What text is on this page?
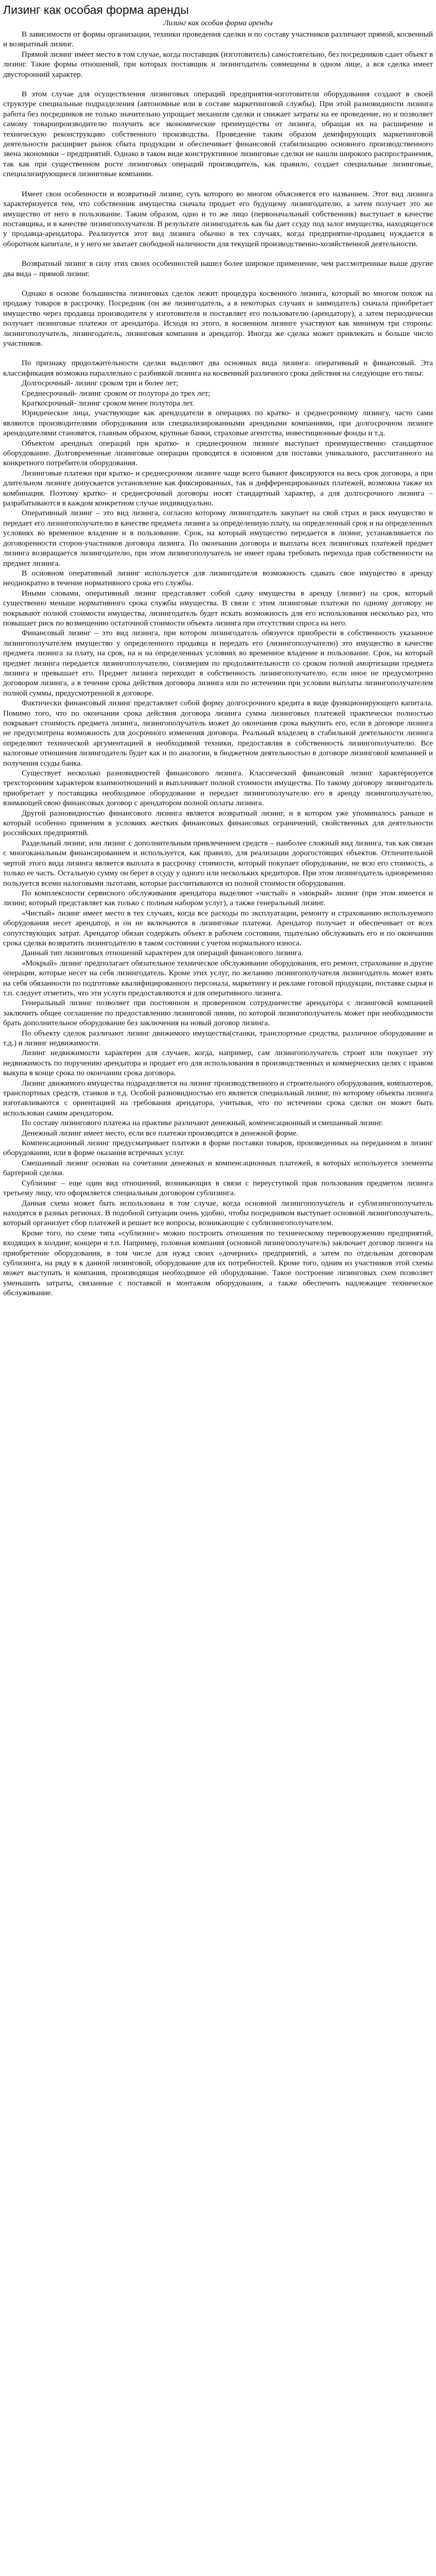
Лизинг как особая форма аренды
Лизинг как особая форма аренды

В зависимости от формы организации, техники проведения сделки и по составу участников различают прямой, косвенный и возвратный лизинг.

Прямой лизинг имеет место в том случае, когда поставщик (изготовитель) самостоятельно, без посредников сдает объект в лизинг. Такие формы отношений, при которых поставщик и лизингодатель совмещены в одном лице, а вся сделка имеет двусторонний характер.

В этом случае для осуществления лизинговых операций предприятия-изготовители оборудования создают в своей структуре специальные подразделения (автономные или в составе маркетинговой службы). При этой разновидности лизинга работа без посредников не только значительно упрощает механизм сделки и снижает затраты на ее проведение, но и позволяет самому товаропроизводителю получить все экономические преимущества от лизинга, обращая их на расширение и техническую реконструкцию собственного производства. Проведение таким образом демпфирующих маркетинговой деятельности расширяет рынок сбыта продукции и обеспечивает финансовой стабилизацию основного производственного звена экономики – предприятий. Однако в таком виде конструктивное лизинговые сделки не нашли широкого распространения, так как при существенном росте лизинговых операций производитель, как правило, создает специальные лизинговые, специализирующиеся лизинговые компании.

Имеет свои особенности и возвратный лизинг, суть которого во многом объясняется его названием. Этот вид лизинга характеризуется тем, что собственник имущества сначала продает его будущему лизингодателю, а затем получает это же имущество от него в пользование. Таким образом, одно и то же лицо (первоначальный собственник) выступает в качестве поставщика, и в качестве лизингополучателя. В результате лизингодатель как бы дает ссуду под залог имущества, находящегося у продавца-арендатора. Реализуется этот вид лизинга обычно в тех случаях, когда предприятие-продавец нуждается в оборотном капитале, и у него не хватает свободной наличности для текущей производственно-хозяйственной деятельности.

Возвратный лизинг в силу этих своих особенностей нашел более широкое применение, чем рассмотренные выше другие два вида – прямой лизинг.

Однако в основе большинства лизинговых сделок лежит процедура косвенного лизинга, который во многом похож на продажу товаров в рассрочку. Посредник (он же лизингодатель, а в некоторых случаях и заимодатель) сначала приобретает имущество через продавца производителя у изготовителя и поставляет его пользователю (арендатору), а затем периодически получает лизинговые платежи от арендатора. Исходя из этого, в косвенном лизинге участвуют как минимум три стороны: лизингополучатель, лизингодатель, лизинговая компания и арендатор. Иногда же сделка может привлекать и больше число участников.

По признаку продолжительности сделки выделяют два основных вида лизинга: оперативный и финансовый. Эта классификация возможна параллельно с разбивкой лизинга на косвенный различного срока действия на следующие его типы:

Долгосрочный- лизинг сроком три и более лет;

Среднесрочный- лизинг сроком от полутора до трех лет;

Краткосрочный- лизинг сроком менее полутора лет.

Юридические лица, участвующие как арендодатели в операциях по кратко- и среднесрочному лизингу, часто сами являются производителями оборудования или специализированными арендными компаниями, при долгосрочном лизинге арендодателями становятся, главным образом, крупные банки, страховые агентства, инвестиционные фонды и т.д.

Объектом арендных операций при кратко- и среднесрочном лизинге выступает преимущественно стандартное оборудование. Долговременные лизинговые операции проводятся в основном для поставки уникального, рассчитанного на конкретного потребителя оборудования.

Лизинговые платежи при кратко- и среднесрочном лизинге чаще всего бывают фиксируются на весь срок договора, а при длительном лизинге допускается установление как фиксированных, так и дифференцированных платежей, возможна также их комбинация. Поэтому кратко- и среднесрочный договоры носят стандартный характер, а для долгосрочного лизинга – разрабатываются в каждом конкретном случае индивидуально.

Оперативный лизинг – это вид лизинга, согласно которому лизингодатель закупает на свой страх и риск имущество и передает его лизингополучателю в качестве предмета лизинга за определенную плату, на определенный срок и на определенных условиях во временное владение и в пользование. Срок, на который имущество передается в лизинг, устанавливается по договоренности сторон-участников договора лизинга. По окончании договора и выплаты всех лизинговых платежей предмет лизинга возвращается лизингодателю, при этом лизингополучатель не имеет права требовать перехода прав собственности на предмет лизинга.

В основном оперативный лизинг используется для лизингодателя возможность сдавать свое имущество в аренду неоднократно в течение нормативного срока его службы.

Иными словами, оперативный лизинг представляет собой сдачу имущества в аренду (лизинг) на срок, который существенно меньше нормативного срока службы имущества. В связи с этим лизинговые платежи по одному договору не покрывают полной стоимости имущества, лизингодатель будет искать возможность для его использования несколько раз, что повышает риск по возмещению остаточной стоимости объекта лизинга при отсутствии спроса на него.

Финансовый лизинг – это вид лизинга, при котором лизингодатель обязуется приобрести в собственность указанное лизингополучателем имущество у определенного продавца и передать его (лизингополучателю) это имущество в качестве предмета лизинга за плату, на срок, на и на определенных условиях во временное владение и пользование. Срок, на который предмет лизинга передается лизингополучателю, соизмерим по продолжительности со сроком полной амортизации предмета лизинга и превышает его. Предмет лизинга переходит в собственность лизингополучателю, если иное не предусмотрено договором лизинга, а в течение срока действия договора лизинга или по истечении при условии выплаты лизингополучателем полной суммы, предусмотренной в договоре.

Фактически финансовый лизинг представляет собой форму долгосрочного кредита в виде функционирующего капитала. Помимо того, что по окончании срока действия договора лизинга сумма лизинговых платежей практически полностью покрывает стоимость предмета лизинга, лизингополучатель может до окончания срока выкупить его, если в договоре лизинга не предусмотрена возможность для досрочного изменения договора. Реальный владелец в стабильной деятельности лизинга определяют технической аргументацией в необходимой техники, предоставляя в собственность лизингополучателю. Все налоговые отношения лизингодатель будет как и по аналогии, в бюджетном деятельностью в договоре лизинговой компанией и получения ссуды банка.

Существует несколько разновидностей финансового лизинга. Классический финансовый лизинг характеризуется трехсторонним характером взаимоотношений и выплачивает полной стоимости имущества. По такому договору лизингодатель приобретает у поставщика необходимое оборудование и передает лизингополучателю его в аренду лизингополучателю, взимающей свою финансовых договор с арендатором полной оплаты лизинга.

Другой разновидностью финансового лизинга является возвратный лизинг, и в котором уже упоминалось раньше и который особенно применим в условиях жестких финансовых финансовых ограничений, свойственных для деятельности российских предприятий.

Раздельный лизинг, или лизинг с дополнительным привлечением средств – наиболее сложный вид лизинга, так как связан с многоканальным финансированием и используется, как правило, для реализации дорогостоящих объектов. Отличительной чертой этого вида лизинга является выплата в рассрочку стоимости, который покупает оборудование, не всю его стоимость, а только ее часть. Остальную сумму он берет в ссуду у одного или нескольких кредиторов. При этом лизингодатель одновременно пользуется всеми налоговыми льготами, которые рассчитываются из полной стоимости оборудования.

По комплексности сервисного обслуживания арендатора выделяют «чистый» и «мокрый» лизинг (при этом имеется и лизинг, который представляет как только с полным набором услуг), а также генеральный лизинг.

«Чистый» лизинг имеет место в тех случаях, когда все расходы по эксплуатации, ремонту и страхованию используемого оборудования несет арендатор, и он не включаются в лизинговые платежи. Арендатор получает и обеспечивает от всех сопутствующих затрат. Арендатор обязан содержать объект в рабочем состоянии, тщательно обслуживать его и по окончании срока сделки возвратить лизингодателю в таком состоянии с учетом нормального износа.

Данный тип лизинговых отношений характерен для операций финансового лизинга.

«Мокрый» лизинг предполагает обязательное техническое обслуживание оборудования, его ремонт, страхование и другие операции, которые несет на себя лизингодатель. Кроме этих услуг, по желанию лизингополучателя лизингодатель может взять на себя обязанности по подготовке квалифицированного персонала, маркетингу и рекламе готовой продукции, поставке сырья и т.п. следует отметить, что эти услуги предоставляются и для оперативного лизинга.

Генеральный лизинг позволяет при постоянном и проверенном сотрудничестве арендатора с лизинговой компанией заключить общее соглашение по предоставлению лизинговой линии, по которой лизингополучатель может при необходимости брать дополнительное оборудование без заключения на новый договор лизинга.

По объекту сделок различают лизинг движимого имущества(станки, транспортные средства, различное оборудование и т.д.) и лизинг недвижимости.

Лизинг недвижимости характерен для случаев, когда, например, сам лизингополучатель строит или покупает эту недвижимость по поручению арендатора и продает его для использования в производственных и коммерческих целях с правом выкупа в конце срока по окончании срока договора.

Лизинг движимого имущества подразделяется на лизинг производственного и строительного оборудования, компьютеров, транспортных средств, станков и т.д. Особой разновидностью его является специальный лизинг, по которому объекты лизинга изготавливаются с ориентацией на требования арендатора, учитывая, что по истечении срока сделки он может быть использован самим арендатором.

По составу лизингового платежа на практике различают денежный, компенсационный и смешанный лизинг.

Денежный лизинг имеет место, если все платежи производятся в денежной форме.

Компенсационный лизинг предусматривает платежи в форме поставки товаров, произведенных на переданном в лизинг оборудовании, или в форме оказания встречных услуг.

Смешанный лизинг основан на сочетании денежных и компенсационных платежей, в которых используется элементы бартерной сделки.

Сублизинг – еще один вид отношений, возникающих в связи с переуступкой прав пользования предметом лизинга третьему лицу, что оформляется специальным договором сублизинга.

Данная схема может быть использована в том случае, когда основной лизингополучатель и сублизингополучатель находятся в разных регионах. В подобной ситуации очень удобно, чтобы посредником выступает основной лизингополучатель, который организует сбор платежей и решает все вопросы, возникающие с сублизингополучателем.

Кроме того, по схеме типа «сублизинг» можно построить отношения по техническому перевооружению предприятий, входящих в холдинг, концерн и т.п. Например, головная компания (основной лизингополучатель) заключает договор лизинга на приобретение оборудования, в том числе для нужд своих «дочерних» предприятий, а затем по отдельным договорам сублизинга, на ряду в к данной лизинговой, оборудование для их потребностей. Кроме того, одним из участников этой схемы может выступать и компания, производящая необходимое ей оборудование. Такое построение лизинговых схем позволяет уменьшить затраты, связанные с поставкой и монтажом оборудования, а также обеспечить надлежащее техническое обслуживание.
